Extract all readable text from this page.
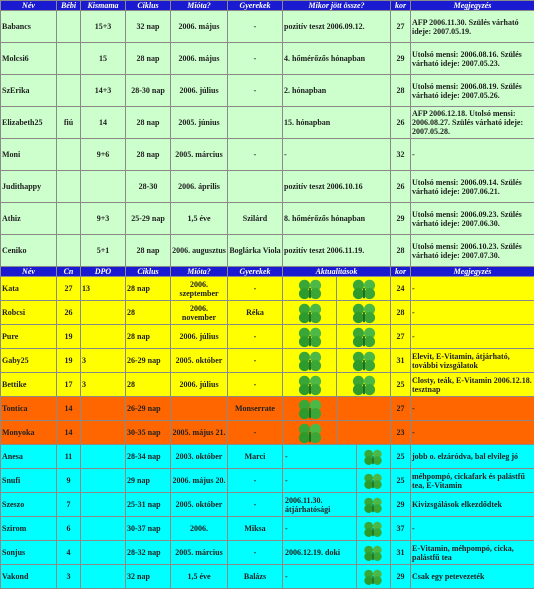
Név	Bébi	Kismama	Ciklus	Mióta?	Gyerekek	Mikor jött össze?	kor	Megjegyzés
Babancs		15+3	32 nap	2006. május	-	pozitív teszt 2006.09.12.	27	AFP 2006.11.30. Szülés várható ideje: 2007.05.19.
Molcsi6		15	28 nap	2006. május	-	4. hőmérőzős hónapban	29	Utolsó mensi: 2006.08.16. Szülés várható ideje: 2007.05.23.
SzErika		14+3	28-30 nap	2006. július	-	2. hónapban	28	Utolsó mensi: 2006.08.19. Szülés várható ideje: 2007.05.26.
Elizabeth25	fiú	14	28 nap	2005. június		15. hónapban	26	AFP 2006.12.18. Utolsó mensi: 2006.08.27. Szülés várható ideje: 2007.05.28.
Moni		9+6	28 nap	2005. március	-	-	32	-
Judithappy			28-30	2006. április		pozitív teszt 2006.10.16	26	Utolsó mensi: 2006.09.14. Szülés várható ideje: 2007.06.21.
Athiz		9+3	25-29 nap	1,5 éve	Szilárd	8. hőmérőzős hónapban	29	Utolsó mensi: 2006.09.23. Szülés várható ideje: 2007.06.30.
Ceniko		5+1	28 nap	2006. augusztus	Boglárka Viola	pozitív teszt 2006.11.19.	28	Utolsó mensi: 2006.10.23. Szülés várható ideje: 2007.07.30.
Név	Cn	DPO	Ciklus	Mióta?	Gyerekek	Aktualitások	kor	Megjegyzés
Kata	27	13	28 nap	2006. szeptember	-		24	-
Robcsi	26		28	2006. november	Réka		28	-
Pure	19		28 nap	2006. július	-		27	-
Gaby25	19	3	26-29 nap	2005. október	-		31	Elevit, E-Vitamin, átjárható, további vizsgálatok
Bettike	17	3	28	2006. július	-		25	Closty, teák, E-Vitamin 2006.12.18. tesztnap
Tontica	14		26-29 nap		Monserrate		27	-
Monyoka	14		30-35 nap	2005. május 21.	-		23	-
Anesa	11		28-34 nap	2003. október	Marci	-	25	jobb o. elzáródva, bal elvileg jó
Snufi	9		29 nap	2006. május 20.	-	-	25	méhpompó, cickafark és palástfű tea, E-Vitamin
Szeszo	7		25-31 nap	2005. október	-	2006.11.30. átjárhatósági	29	Kivizsgálások elkezdődtek
Szirom	6		30-37 nap	2006.	Miksa	-	37	-
Sonjus	4		28-32 nap	2005. március	-	2006.12.19. doki	31	E-Vitamin, méhpompó, cicka, palástfű tea
Vakond	3		32 nap	1,5 éve	Balázs	-	29	Csak egy petevezeték
